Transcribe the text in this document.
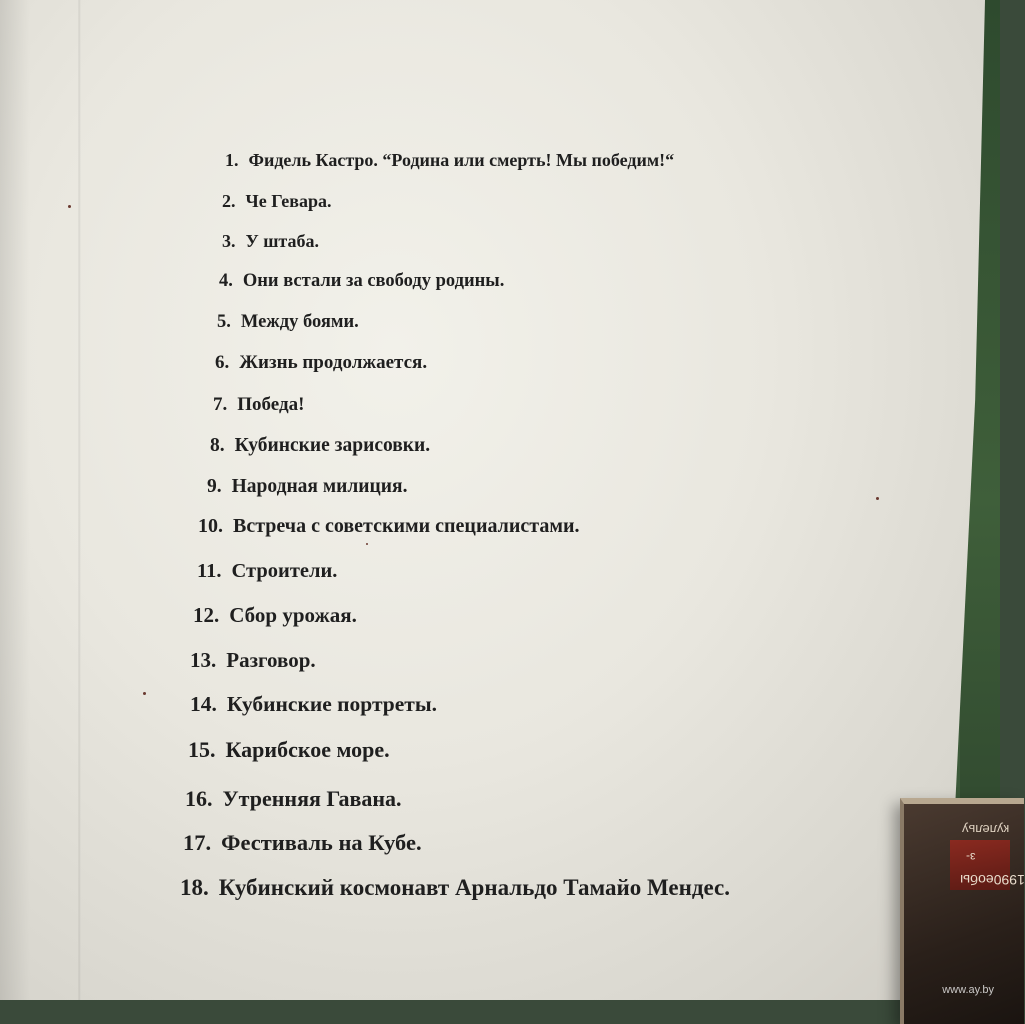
1. Фидель Кастро. “Родина или смерть! Мы победим!“
2. Че Гевара.
3. У штаба.
4. Они встали за свободу родины.
5. Между боями.
6. Жизнь продолжается.
7. Победа!
8. Кубинские зарисовки.
9. Народная милиция.
10. Встреча с советскими специалистами.
11. Строители.
12. Сбор урожая.
13. Разговор.
14. Кубинские портреты.
15. Карибское море.
16. Утренняя Гавана.
17. Фестиваль на Кубе.
18. Кубинский космонавт Арнальдо Тамайо Мендес.
кулельу
з-
1990еобы
www.ay.by
